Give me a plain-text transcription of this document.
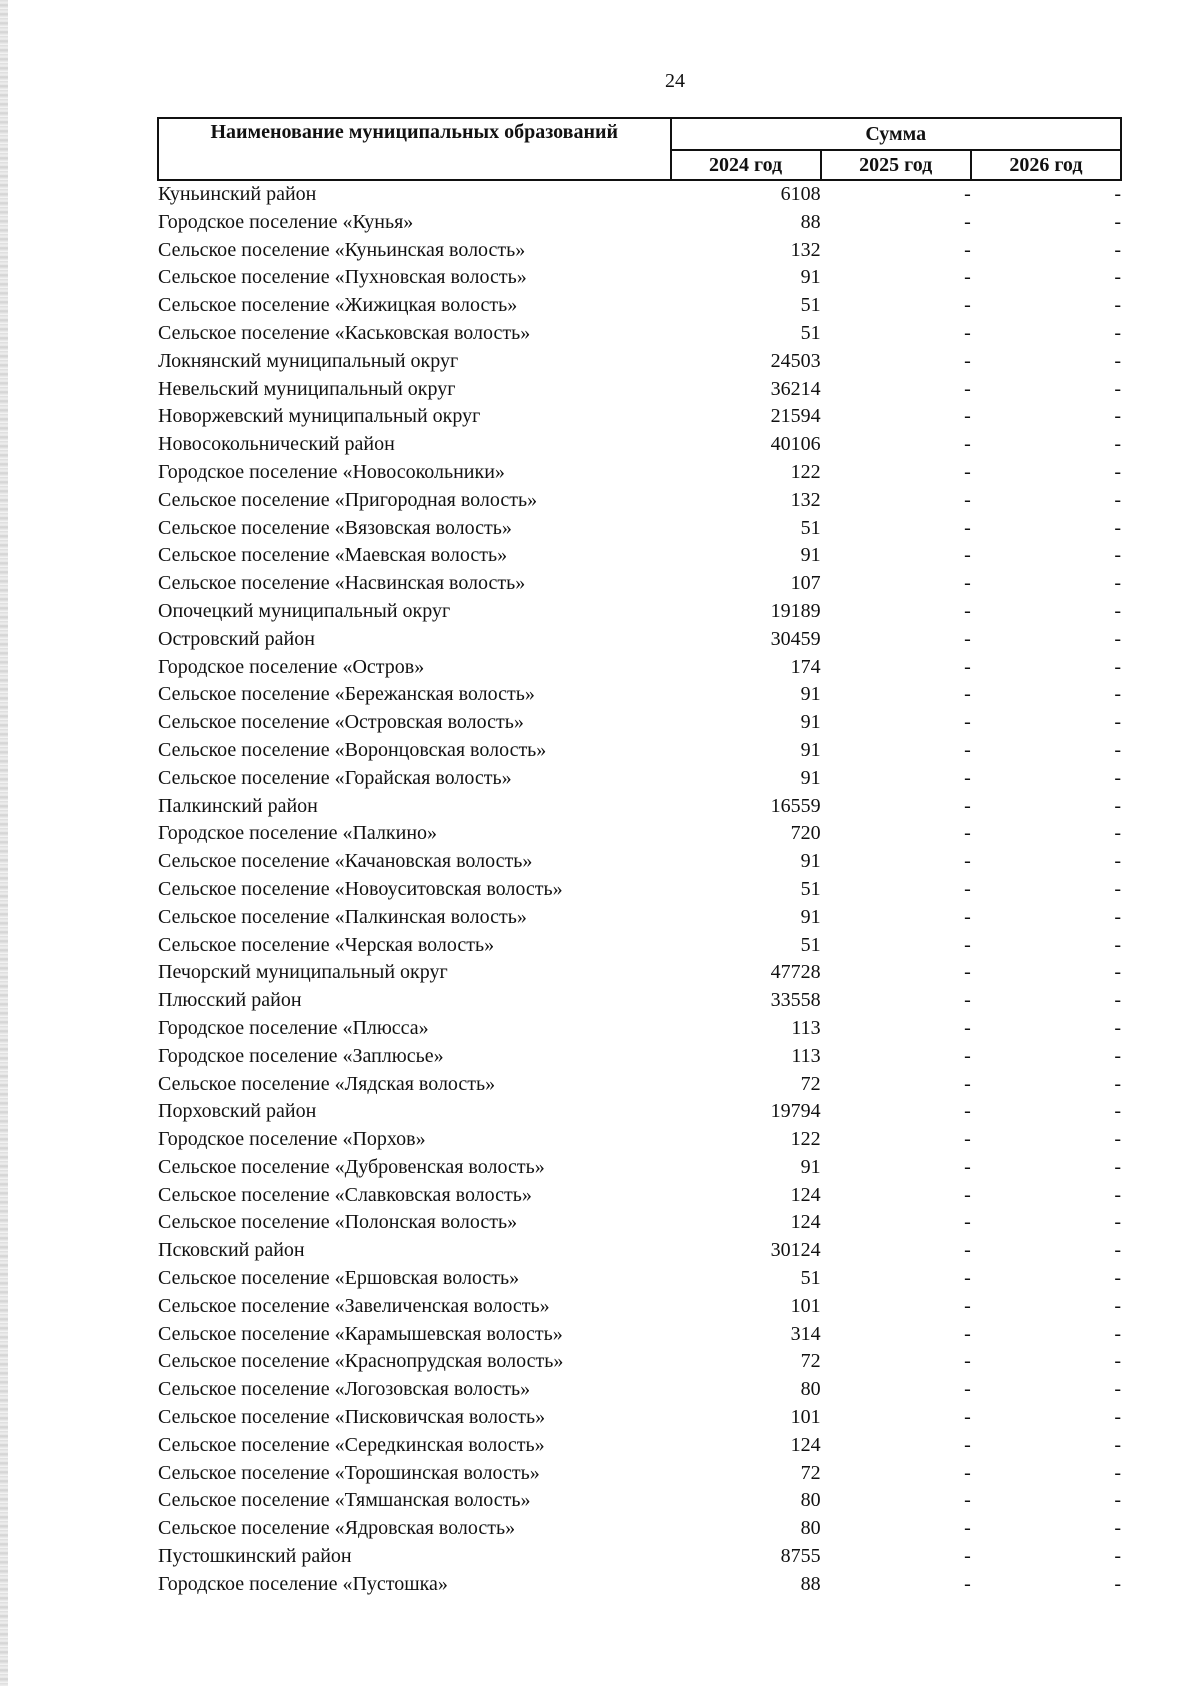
24
Наименование муниципальных образований	Сумма		
	2024 год	2025 год	2026 год
Куньинский район	6108	-	-
Городское поселение «Кунья»	88	-	-
Сельское поселение «Куньинская волость»	132	-	-
Сельское поселение «Пухновская волость»	91	-	-
Сельское поселение «Жижицкая волость»	51	-	-
Сельское поселение «Каськовская волость»	51	-	-
Локнянский муниципальный округ	24503	-	-
Невельский муниципальный округ	36214	-	-
Новоржевский муниципальный округ	21594	-	-
Новосокольнический район	40106	-	-
Городское поселение «Новосокольники»	122	-	-
Сельское поселение «Пригородная волость»	132	-	-
Сельское поселение «Вязовская волость»	51	-	-
Сельское поселение «Маевская волость»	91	-	-
Сельское поселение «Насвинская волость»	107	-	-
Опочецкий муниципальный округ	19189	-	-
Островский район	30459	-	-
Городское поселение «Остров»	174	-	-
Сельское поселение «Бережанская волость»	91	-	-
Сельское поселение «Островская волость»	91	-	-
Сельское поселение «Воронцовская волость»	91	-	-
Сельское поселение «Горайская волость»	91	-	-
Палкинский район	16559	-	-
Городское поселение «Палкино»	720	-	-
Сельское поселение «Качановская волость»	91	-	-
Сельское поселение «Новоуситовская волость»	51	-	-
Сельское поселение «Палкинская волость»	91	-	-
Сельское поселение «Черская волость»	51	-	-
Печорский муниципальный округ	47728	-	-
Плюсский район	33558	-	-
Городское поселение «Плюсса»	113	-	-
Городское поселение «Заплюсье»	113	-	-
Сельское поселение «Лядская волость»	72	-	-
Порховский район	19794	-	-
Городское поселение «Порхов»	122	-	-
Сельское поселение «Дубровенская волость»	91	-	-
Сельское поселение «Славковская волость»	124	-	-
Сельское поселение «Полонская волость»	124	-	-
Псковский район	30124	-	-
Сельское поселение «Ершовская волость»	51	-	-
Сельское поселение «Завеличенская волость»	101	-	-
Сельское поселение «Карамышевская волость»	314	-	-
Сельское поселение «Краснопрудская волость»	72	-	-
Сельское поселение «Логозовская волость»	80	-	-
Сельское поселение «Писковичская волость»	101	-	-
Сельское поселение «Середкинская волость»	124	-	-
Сельское поселение «Торошинская волость»	72	-	-
Сельское поселение «Тямшанская волость»	80	-	-
Сельское поселение «Ядровская волость»	80	-	-
Пустошкинский район	8755	-	-
Городское поселение «Пустошка»	88	-	-
